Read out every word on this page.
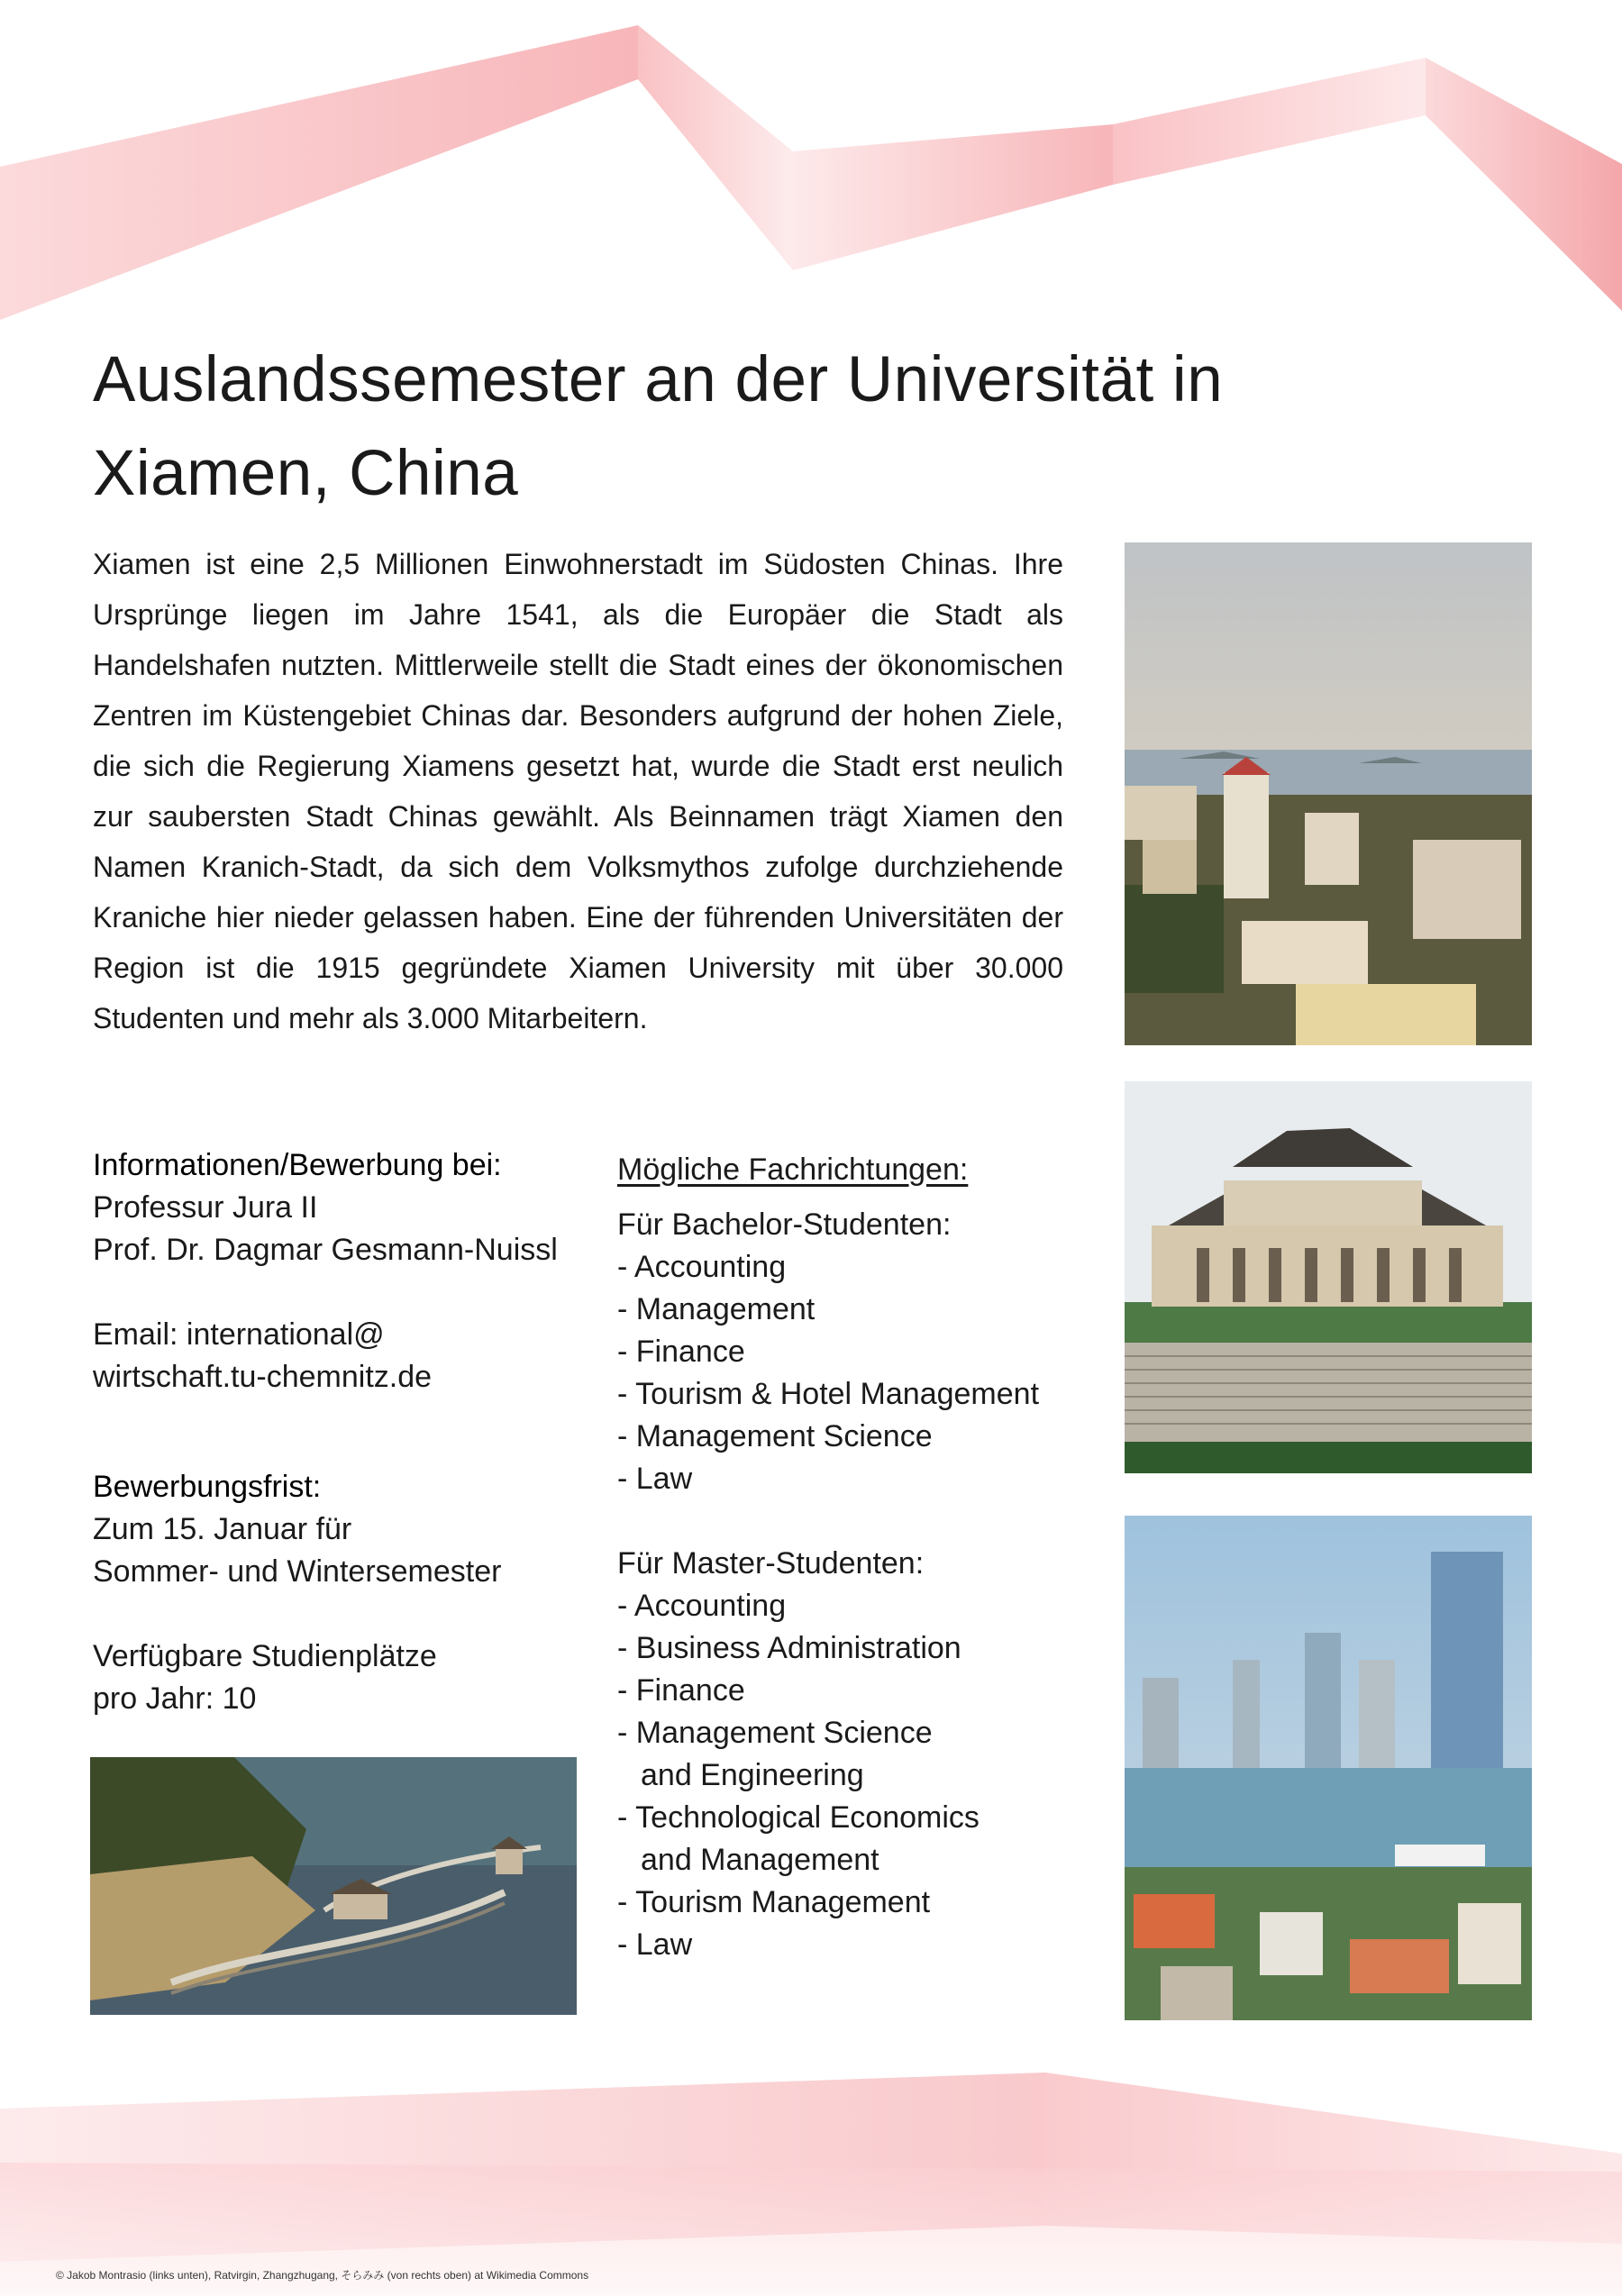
Auslandssemester an der Universität in
Xiamen, China

Xiamen ist eine 2,5 Millionen Einwohnerstadt im Südosten Chinas. Ihre Ursprünge liegen im Jahre 1541, als die Europäer die Stadt als Handelshafen nutzten. Mittlerweile stellt die Stadt eines der ökonomischen Zentren im Küstengebiet Chinas dar. Besonders aufgrund der hohen Ziele, die sich die Regierung Xiamens gesetzt hat, wurde die Stadt erst neulich zur saubersten Stadt Chinas gewählt. Als Beinnamen trägt Xiamen den Namen Kranich-Stadt, da sich dem Volksmythos zufolge durchziehende Kraniche hier nieder gelassen haben. Eine der führenden Universitäten der Region ist die 1915 gegründete Xiamen University mit über 30.000 Studenten und mehr als 3.000 Mitarbeitern.

Informationen/Bewerbung bei:
Professur Jura II
Prof. Dr. Dagmar Gesmann-Nuissl
Email: international@
wirtschaft.tu-chemnitz.de
Bewerbungsfrist:
Zum 15. Januar für
Sommer- und Wintersemester
Verfügbare Studienplätze
pro Jahr: 10
Mögliche Fachrichtungen:
Für Bachelor-Studenten:
- Accounting
- Management
- Finance
- Tourism & Hotel Management
- Management Science
- Law
Für Master-Studenten:
- Accounting
- Business Administration
- Finance
- Management Science
and Engineering
- Technological Economics
and Management
- Tourism Management
- Law
© Jakob Montrasio (links unten), Ratvirgin, Zhangzhugang, そらみみ (von rechts oben) at Wikimedia Commons
